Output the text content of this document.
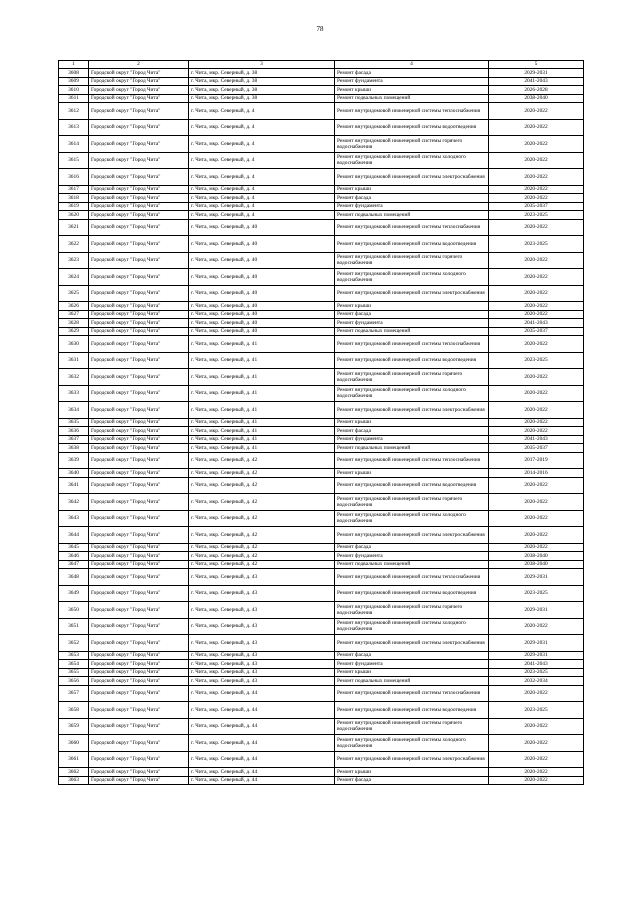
78
1	2	3	4	5
3608	Городской округ "Город Чита"	г. Чита, мкр. Северный, д. 38	Ремонт фасада	2029-2031
3609	Городской округ "Город Чита"	г. Чита, мкр. Северный, д. 38	Ремонт фундамента	2041-2043
3610	Городской округ "Город Чита"	г. Чита, мкр. Северный, д. 38	Ремонт крыши	2026-2028
3611	Городской округ "Город Чита"	г. Чита, мкр. Северный, д. 38	Ремонт подвальных помещений	2038-2040
3612	Городской округ "Город Чита"	г. Чита, мкр. Северный, д. 4	Ремонт внутридомовой инженерной системы теплоснабжения	2020-2022
3613	Городской округ "Город Чита"	г. Чита, мкр. Северный, д. 4	Ремонт внутридомовой инженерной системы водоотведения	2020-2022
3614	Городской округ "Город Чита"	г. Чита, мкр. Северный, д. 4	Ремонт внутридомовой инженерной системы горячего водоснабжения	2020-2022
3615	Городской округ "Город Чита"	г. Чита, мкр. Северный, д. 4	Ремонт внутридомовой инженерной системы холодного водоснабжения	2020-2022
3616	Городской округ "Город Чита"	г. Чита, мкр. Северный, д. 4	Ремонт внутридомовой инженерной системы электроснабжения	2020-2022
3617	Городской округ "Город Чита"	г. Чита, мкр. Северный, д. 4	Ремонт крыши	2020-2022
3618	Городской округ "Город Чита"	г. Чита, мкр. Северный, д. 4	Ремонт фасада	2020-2022
3619	Городской округ "Город Чита"	г. Чита, мкр. Северный, д. 4	Ремонт фундамента	2035-2037
3620	Городской округ "Город Чита"	г. Чита, мкр. Северный, д. 4	Ремонт подвальных помещений	2023-2025
3621	Городской округ "Город Чита"	г. Чита, мкр. Северный, д. 40	Ремонт внутридомовой инженерной системы теплоснабжения	2020-2022
3622	Городской округ "Город Чита"	г. Чита, мкр. Северный, д. 40	Ремонт внутридомовой инженерной системы водоотведения	2023-2025
3623	Городской округ "Город Чита"	г. Чита, мкр. Северный, д. 40	Ремонт внутридомовой инженерной системы горячего водоснабжения	2020-2022
3624	Городской округ "Город Чита"	г. Чита, мкр. Северный, д. 40	Ремонт внутридомовой инженерной системы холодного водоснабжения	2020-2022
3625	Городской округ "Город Чита"	г. Чита, мкр. Северный, д. 40	Ремонт внутридомовой инженерной системы электроснабжения	2020-2022
3626	Городской округ "Город Чита"	г. Чита, мкр. Северный, д. 40	Ремонт крыши	2020-2022
3627	Городской округ "Город Чита"	г. Чита, мкр. Северный, д. 40	Ремонт фасада	2020-2022
3628	Городской округ "Город Чита"	г. Чита, мкр. Северный, д. 40	Ремонт фундамента	2041-2043
3629	Городской округ "Город Чита"	г. Чита, мкр. Северный, д. 40	Ремонт подвальных помещений	2035-2037
3630	Городской округ "Город Чита"	г. Чита, мкр. Северный, д. 41	Ремонт внутридомовой инженерной системы теплоснабжения	2020-2022
3631	Городской округ "Город Чита"	г. Чита, мкр. Северный, д. 41	Ремонт внутридомовой инженерной системы водоотведения	2023-2025
3632	Городской округ "Город Чита"	г. Чита, мкр. Северный, д. 41	Ремонт внутридомовой инженерной системы горячего водоснабжения	2020-2022
3633	Городской округ "Город Чита"	г. Чита, мкр. Северный, д. 41	Ремонт внутридомовой инженерной системы холодного водоснабжения	2020-2022
3634	Городской округ "Город Чита"	г. Чита, мкр. Северный, д. 41	Ремонт внутридомовой инженерной системы электроснабжения	2020-2022
3635	Городской округ "Город Чита"	г. Чита, мкр. Северный, д. 41	Ремонт крыши	2020-2022
3636	Городской округ "Город Чита"	г. Чита, мкр. Северный, д. 41	Ремонт фасада	2020-2022
3637	Городской округ "Город Чита"	г. Чита, мкр. Северный, д. 41	Ремонт фундамента	2041-2043
3638	Городской округ "Город Чита"	г. Чита, мкр. Северный, д. 41	Ремонт подвальных помещений	2035-2037
3639	Городской округ "Город Чита"	г. Чита, мкр. Северный, д. 42	Ремонт внутридомовой инженерной системы теплоснабжения	2017-2019
3640	Городской округ "Город Чита"	г. Чита, мкр. Северный, д. 42	Ремонт крыши	2014-2016
3641	Городской округ "Город Чита"	г. Чита, мкр. Северный, д. 42	Ремонт внутридомовой инженерной системы водоотведения	2020-2022
3642	Городской округ "Город Чита"	г. Чита, мкр. Северный, д. 42	Ремонт внутридомовой инженерной системы горячего водоснабжения	2020-2022
3643	Городской округ "Город Чита"	г. Чита, мкр. Северный, д. 42	Ремонт внутридомовой инженерной системы холодного водоснабжения	2020-2022
3644	Городской округ "Город Чита"	г. Чита, мкр. Северный, д. 42	Ремонт внутридомовой инженерной системы электроснабжения	2020-2022
3645	Городской округ "Город Чита"	г. Чита, мкр. Северный, д. 42	Ремонт фасада	2020-2022
3646	Городской округ "Город Чита"	г. Чита, мкр. Северный, д. 42	Ремонт фундамента	2038-2040
3647	Городской округ "Город Чита"	г. Чита, мкр. Северный, д. 42	Ремонт подвальных помещений	2038-2040
3648	Городской округ "Город Чита"	г. Чита, мкр. Северный, д. 43	Ремонт внутридомовой инженерной системы теплоснабжения	2029-2031
3649	Городской округ "Город Чита"	г. Чита, мкр. Северный, д. 43	Ремонт внутридомовой инженерной системы водоотведения	2023-2025
3650	Городской округ "Город Чита"	г. Чита, мкр. Северный, д. 43	Ремонт внутридомовой инженерной системы горячего водоснабжения	2029-2031
3651	Городской округ "Город Чита"	г. Чита, мкр. Северный, д. 43	Ремонт внутридомовой инженерной системы холодного водоснабжения	2020-2022
3652	Городской округ "Город Чита"	г. Чита, мкр. Северный, д. 43	Ремонт внутридомовой инженерной системы электроснабжения	2029-2031
3653	Городской округ "Город Чита"	г. Чита, мкр. Северный, д. 43	Ремонт фасада	2029-2031
3654	Городской округ "Город Чита"	г. Чита, мкр. Северный, д. 43	Ремонт фундамента	2041-2043
3655	Городской округ "Город Чита"	г. Чита, мкр. Северный, д. 43	Ремонт крыши	2023-2025
3656	Городской округ "Город Чита"	г. Чита, мкр. Северный, д. 43	Ремонт подвальных помещений	2032-2034
3657	Городской округ "Город Чита"	г. Чита, мкр. Северный, д. 44	Ремонт внутридомовой инженерной системы теплоснабжения	2020-2022
3658	Городской округ "Город Чита"	г. Чита, мкр. Северный, д. 44	Ремонт внутридомовой инженерной системы водоотведения	2023-2025
3659	Городской округ "Город Чита"	г. Чита, мкр. Северный, д. 44	Ремонт внутридомовой инженерной системы горячего водоснабжения	2020-2022
3660	Городской округ "Город Чита"	г. Чита, мкр. Северный, д. 44	Ремонт внутридомовой инженерной системы холодного водоснабжения	2020-2022
3661	Городской округ "Город Чита"	г. Чита, мкр. Северный, д. 44	Ремонт внутридомовой инженерной системы электроснабжения	2020-2022
3662	Городской округ "Город Чита"	г. Чита, мкр. Северный, д. 44	Ремонт крыши	2020-2022
3663	Городской округ "Город Чита"	г. Чита, мкр. Северный, д. 44	Ремонт фасада	2020-2022
